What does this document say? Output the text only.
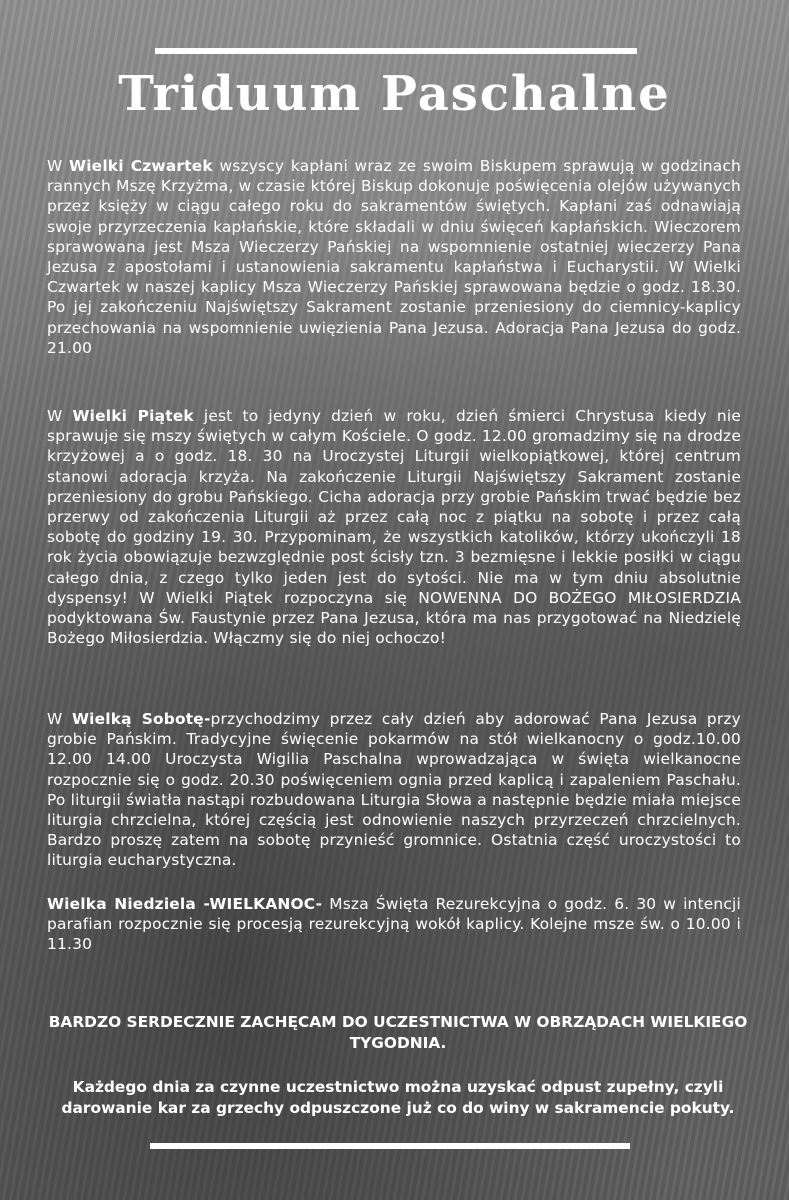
Triduum Paschalne

W Wielki Czwartek wszyscy kapłani wraz ze swoim Biskupem sprawują w godzinach rannych Mszę Krzyżma, w czasie której Biskup dokonuje poświęcenia olejów używanych przez księży w ciągu całego roku do sakramentów świętych. Kapłani zaś odnawiają swoje przyrzeczenia kapłańskie, które składali w dniu święceń kapłańskich. Wieczorem sprawowana jest Msza Wieczerzy Pańskiej na wspomnienie ostatniej wieczerzy Pana Jezusa z apostołami i ustanowienia sakramentu kapłaństwa i Eucharystii. W Wielki Czwartek w naszej kaplicy Msza Wieczerzy Pańskiej sprawowana będzie o godz. 18.30. Po jej zakończeniu Najświętszy Sakrament zostanie przeniesiony do ciemnicy-kaplicy przechowania na wspomnienie uwięzienia Pana Jezusa. Adoracja Pana Jezusa do godz. 21.00

W Wielki Piątek jest to jedyny dzień w roku, dzień śmierci Chrystusa kiedy nie sprawuje się mszy świętych w całym Kościele. O godz. 12.00 gromadzimy się na drodze krzyżowej a o godz. 18. 30 na Uroczystej Liturgii wielkopiątkowej, której centrum stanowi adoracja krzyża. Na zakończenie Liturgii Najświętszy Sakrament zostanie przeniesiony do grobu Pańskiego. Cicha adoracja przy grobie Pańskim trwać będzie bez przerwy od zakończenia Liturgii aż przez całą noc z piątku na sobotę i przez całą sobotę do godziny 19. 30. Przypominam, że wszystkich katolików, którzy ukończyli 18 rok życia obowiązuje bezwzględnie post ścisły tzn. 3 bezmięsne i lekkie posiłki w ciągu całego dnia, z czego tylko jeden jest do sytości. Nie ma w tym dniu absolutnie dyspensy! W Wielki Piątek rozpoczyna się NOWENNA DO BOŻEGO MIŁOSIERDZIA podyktowana Św. Faustynie przez Pana Jezusa, która ma nas przygotować na Niedzielę Bożego Miłosierdzia. Włączmy się do niej ochoczo!

W Wielką Sobotę-przychodzimy przez cały dzień aby adorować Pana Jezusa przy grobie Pańskim. Tradycyjne święcenie pokarmów na stół wielkanocny o godz.10.00 12.00 14.00 Uroczysta Wigilia Paschalna wprowadzająca w święta wielkanocne rozpocznie się o godz. 20.30 poświęceniem ognia przed kaplicą i zapaleniem Paschału. Po liturgii światła nastąpi rozbudowana Liturgia Słowa a następnie będzie miała miejsce liturgia chrzcielna, której częścią jest odnowienie naszych przyrzeczeń chrzcielnych. Bardzo proszę zatem na sobotę przynieść gromnice. Ostatnia część uroczystości to liturgia eucharystyczna.

Wielka Niedziela -WIELKANOC- Msza Święta Rezurekcyjna o godz. 6. 30 w intencji parafian rozpocznie się procesją rezurekcyjną wokół kaplicy. Kolejne msze św. o 10.00 i 11.30

BARDZO SERDECZNIE ZACHĘCAM DO UCZESTNICTWA W OBRZĄDACH WIELKIEGO TYGODNIA.

Każdego dnia za czynne uczestnictwo można uzyskać odpust zupełny, czyli darowanie kar za grzechy odpuszczone już co do winy w sakramencie pokuty.
